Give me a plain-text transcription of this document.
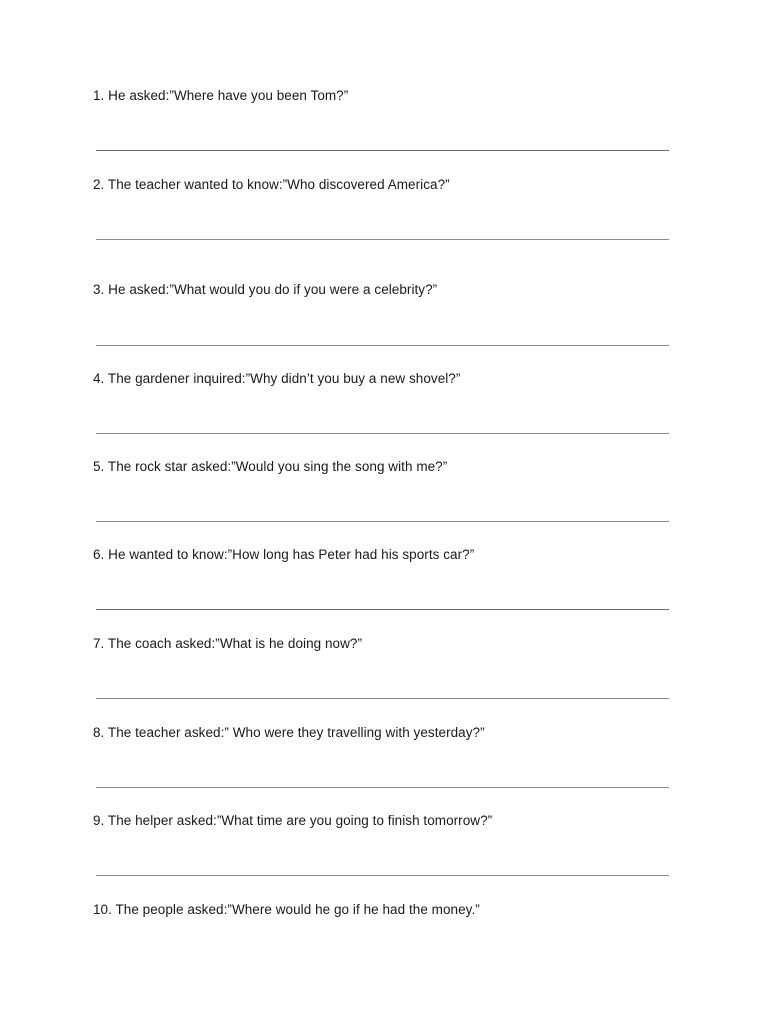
1. He asked:”Where have you been Tom?”
2. The teacher wanted to know:”Who discovered America?”
3. He asked:”What would you do if you were a celebrity?”
4. The gardener inquired:”Why didn’t you buy a new shovel?”
5. The rock star asked:”Would you sing the song with me?”
6. He wanted to know:”How long has Peter had his sports car?”
7. The coach asked:”What is he doing now?”
8. The teacher asked:” Who were they travelling with yesterday?”
9. The helper asked:”What time are you going to finish tomorrow?”
10. The people asked:”Where would he go if he had the money.”
